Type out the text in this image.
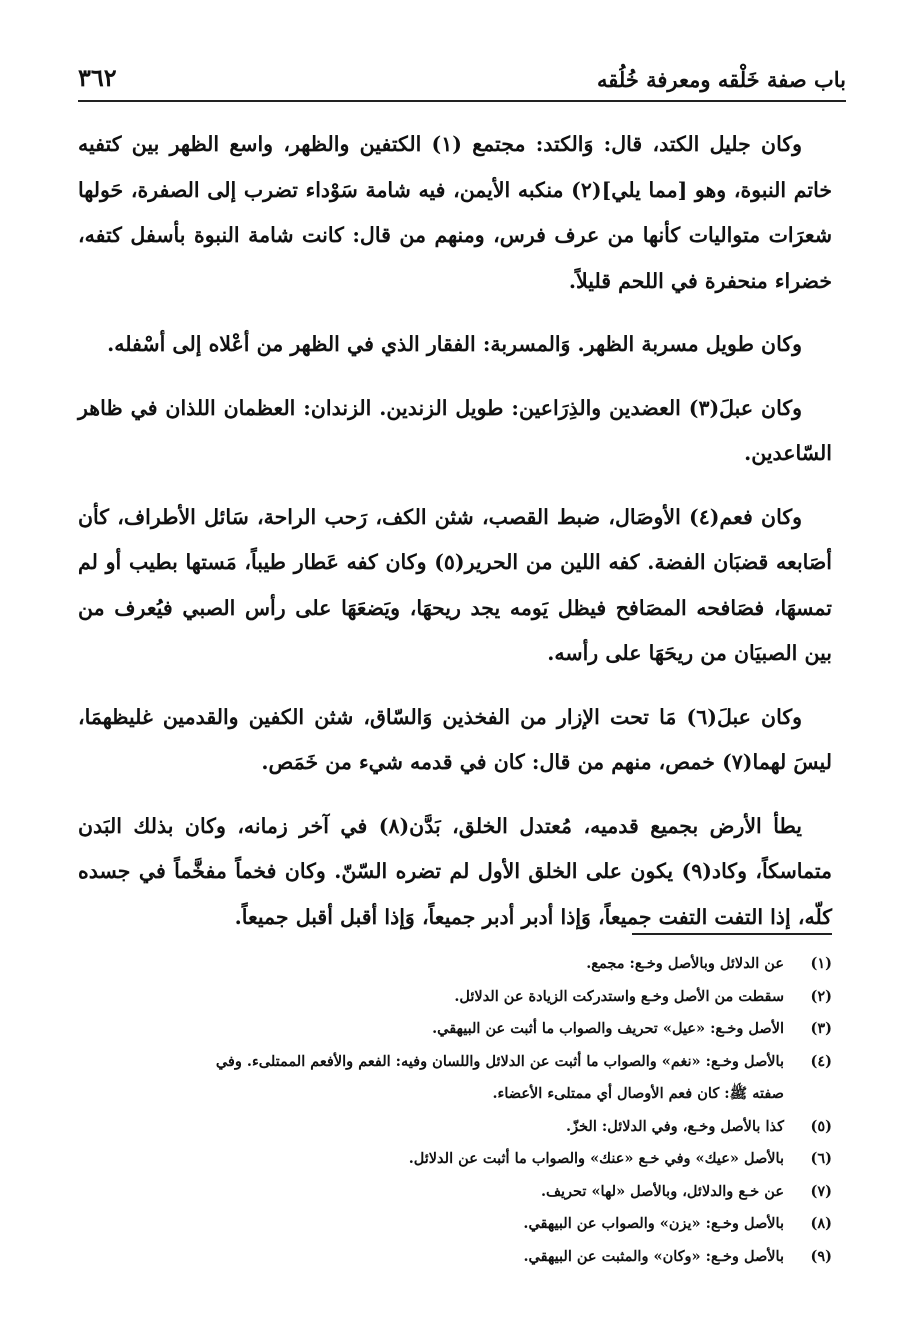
باب صفة خَلْقه ومعرفة خُلُقه
٣٦٢

وكان جليل الكتد، قال: وَالكتد: مجتمع (١) الكتفين والظهر، واسع الظهر بين كتفيه خاتم النبوة، وهو [مما يلي](٢) منكبه الأيمن، فيه شامة سَوْداء تضرب إلى الصفرة، حَولها شعرَات متواليات كأنها من عرف فرس، ومنهم من قال: كانت شامة النبوة بأسفل كتفه، خضراء منحفرة في اللحم قليلاً.

وكان طويل مسربة الظهر. وَالمسربة: الفقار الذي في الظهر من أعْلاه إلى أسْفله.

وكان عبلَ(٣) العضدين والذِرَاعين: طويل الزندين. الزندان: العظمان اللذان في ظاهر السّاعدين.

وكان فعم(٤) الأوصَال، ضبط القصب، شثن الكف، رَحب الراحة، سَائل الأطراف، كأن أصَابعه قضبَان الفضة. كفه اللين من الحرير(٥) وكان كفه عَطار طيباً، مَستها بطيب أو لم تمسهَا، فصَافحه المصَافح فيظل يَومه يجد ريحهَا، ويَضعَهَا على رأس الصبي فيُعرف من بين الصبيَان من ريحَهَا على رأسه.

وكان عبلَ(٦) مَا تحت الإزار من الفخذين وَالسّاق، شثن الكفين والقدمين غليظهمَا، ليسَ لهما(٧) خمص، منهم من قال: كان في قدمه شيء من خَمَص.

يطأ الأرض بجميع قدميه، مُعتدل الخلق، بَدَّن(٨) في آخر زمانه، وكان بذلك البَدن متماسكاً، وكاد(٩) يكون على الخلق الأول لم تضره السّنّ. وكان فخماً مفخَّماً في جسده كلّه، إذا التفت التفت جميعاً، وَإذا أدبر أدبر جميعاً، وَإذا أقبل أقبل جميعاً.

(١)
عن الدلائل وبالأصل وخـع: مجمع.
(٢)
سقطت من الأصل وخـع واستدركت الزيادة عن الدلائل.
(٣)
الأصل وخـع: «عيل» تحريف والصواب ما أثبت عن البيهقي.
(٤)
بالأصل وخـع: «نغم» والصواب ما أثبت عن الدلائل واللسان وفيه: الفعم والأفعم الممتلىء. وفي
صفته ﷺ: كان فعم الأوصال أي ممتلىء الأعضاء.
(٥)
كذا بالأصل وخـع، وفي الدلائل: الخزّ.
(٦)
بالأصل «عيك» وفي خـع «عنك» والصواب ما أثبت عن الدلائل.
(٧)
عن خـع والدلائل، وبالأصل «لها» تحريف.
(٨)
بالأصل وخـع: «يزن» والصواب عن البيهقي.
(٩)
بالأصل وخـع: «وكان» والمثبت عن البيهقي.
